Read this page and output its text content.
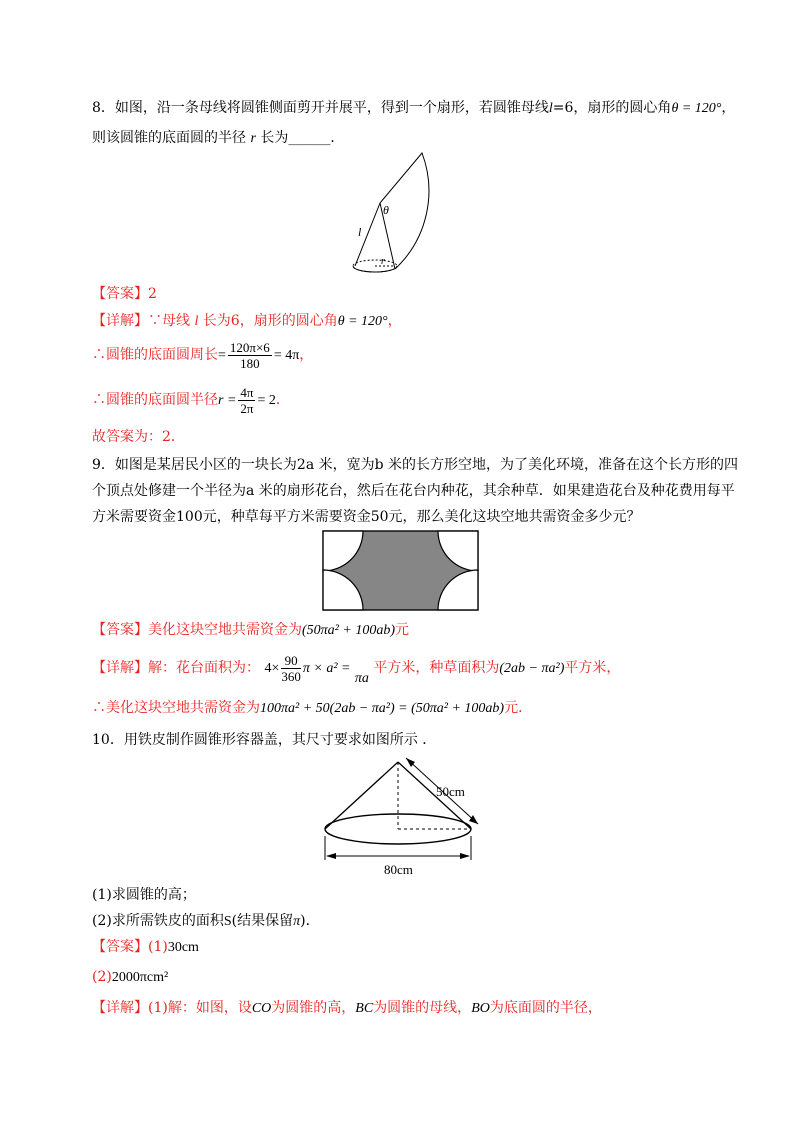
8．如图，沿一条母线将圆锥侧面剪开并展平，得到一个扇形，若圆锥母线l=6，扇形的圆心角θ = 120°，
则该圆锥的底面圆的半径 r 长为______．
θ
l
r
【答案】2
【详解】∵母线 l 长为6，扇形的圆心角θ = 120°，
∴圆锥的底面圆周长= $\frac{120\pi\times 6}{180} = 4\pi$，
∴圆锥的底面圆半径$r = \frac{4\pi}{2\pi} = 2$．
故答案为：2．
9．如图是某居民小区的一块长为2a 米，宽为b 米的长方形空地，为了美化环境，准备在这个长方形的四
个顶点处修建一个半径为a 米的扇形花台，然后在花台内种花，其余种草．如果建造花台及种花费用每平
方米需要资金100元，种草每平方米需要资金50元，那么美化这块空地共需资金多少元？
【答案】美化这块空地共需资金为(50πa² + 100ab)元
【详解】解：花台面积为： $4\times \frac{90}{360}$ π × a² = πa 平方米，种草面积为(2ab − πa²)平方米，
∴美化这块空地共需资金为100πa² + 50(2ab − πa²) = (50πa² + 100ab)元．
10．用铁皮制作圆锥形容器盖，其尺寸要求如图所示 ．
50cm
80cm
(1)求圆锥的高；
(2)求所需铁皮的面积S(结果保留π)．
【答案】(1)30cm
(2)2000πcm²
【详解】(1)解：如图，设CO为圆锥的高，BC为圆锥的母线，BO为底面圆的半径，
